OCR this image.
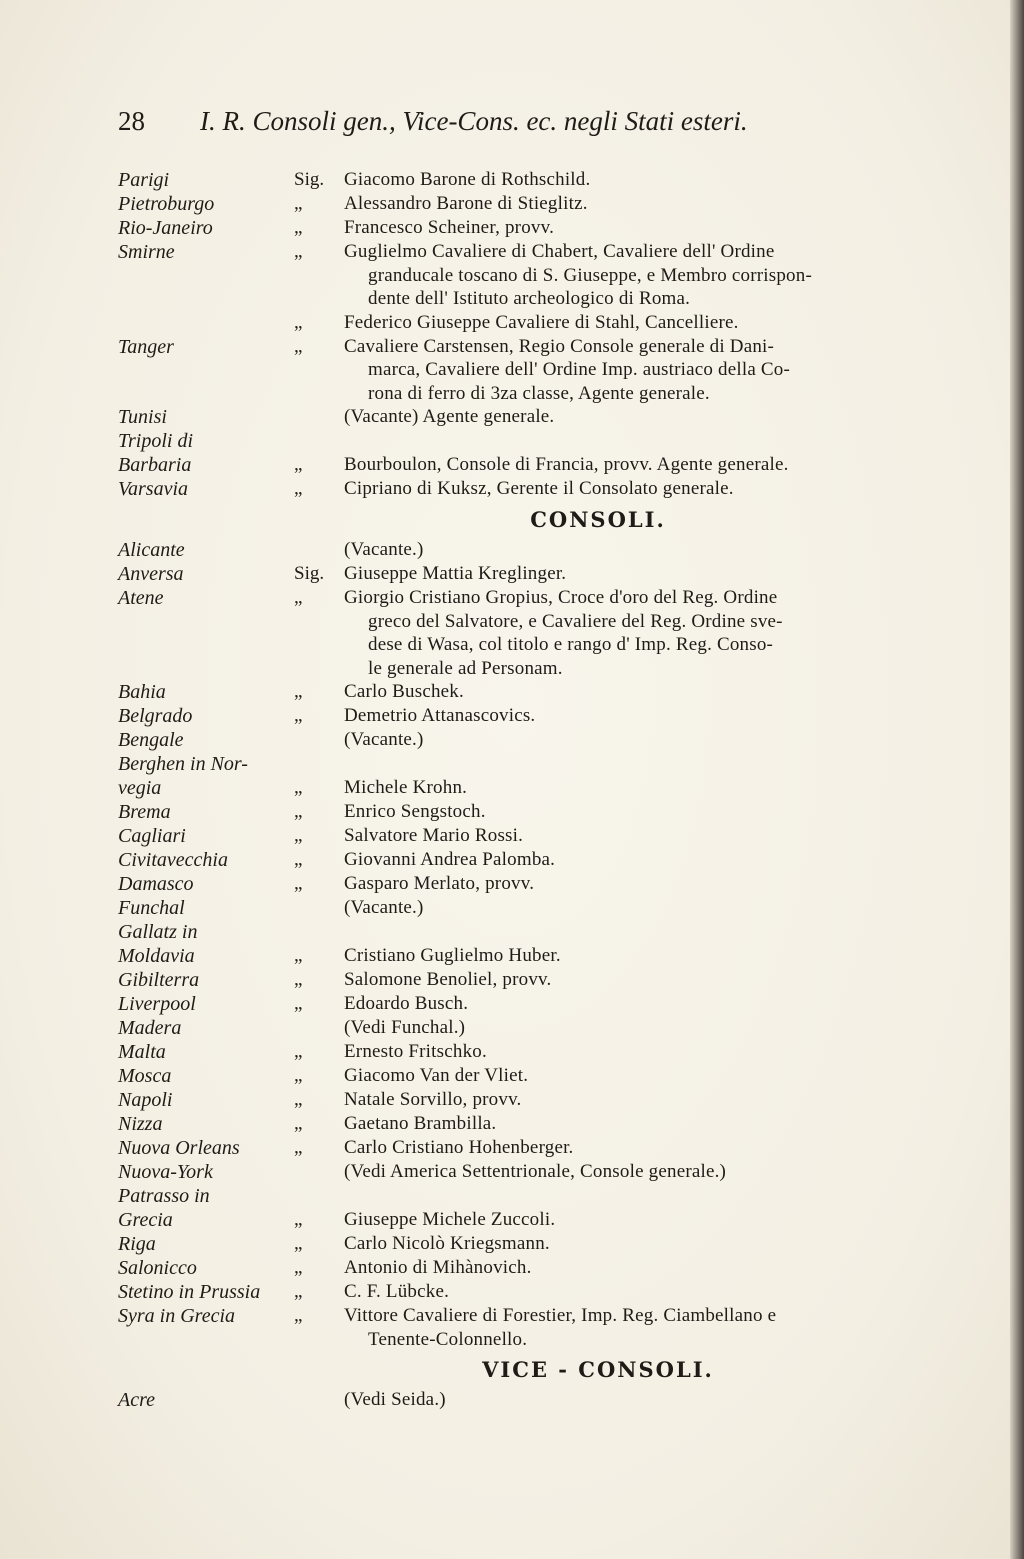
28 I. R. Consoli gen., Vice-Cons. ec. negli Stati esteri.
Parigi	Sig.	Giacomo Barone di Rothschild.
Pietroburgo	„	Alessandro Barone di Stieglitz.
Rio-Janeiro	„	Francesco Scheiner, provv.
Smirne	„	Guglielmo Cavaliere di Chabert, Cavaliere dell' Ordine
granducale toscano di S. Giuseppe, e Membro corrispon-
dente dell' Istituto archeologico di Roma.
„	Federico Giuseppe Cavaliere di Stahl, Cancelliere.
Tanger	„	Cavaliere Carstensen, Regio Console generale di Dani-
marca, Cavaliere dell' Ordine Imp. austriaco della Co-
rona di ferro di 3za classe, Agente generale.
Tunisi	(Vacante) Agente generale.
Tripoli di

Barbaria	„	Bourboulon, Console di Francia, provv. Agente generale.
Varsavia	„	Cipriano di Kuksz, Gerente il Consolato generale.
CONSOLI.
Alicante	(Vacante.)
Anversa	Sig.	Giuseppe Mattia Kreglinger.
Atene	„	Giorgio Cristiano Gropius, Croce d'oro del Reg. Ordine
greco del Salvatore, e Cavaliere del Reg. Ordine sve-
dese di Wasa, col titolo e rango d' Imp. Reg. Conso-
le generale ad Personam.
Bahia	„	Carlo Buschek.
Belgrado	„	Demetrio Attanascovics.
Bengale	(Vacante.)
Berghen in Nor-

vegia	„	Michele Krohn.
Brema	„	Enrico Sengstoch.
Cagliari	„	Salvatore Mario Rossi.
Civitavecchia	„	Giovanni Andrea Palomba.
Damasco	„	Gasparo Merlato, provv.
Funchal	(Vacante.)
Gallatz in

Moldavia	„	Cristiano Guglielmo Huber.
Gibilterra	„	Salomone Benoliel, provv.
Liverpool	„	Edoardo Busch.
Madera	(Vedi Funchal.)
Malta	„	Ernesto Fritschko.
Mosca	„	Giacomo Van der Vliet.
Napoli	„	Natale Sorvillo, provv.
Nizza	„	Gaetano Brambilla.
Nuova Orleans	„	Carlo Cristiano Hohenberger.
Nuova-York	(Vedi America Settentrionale, Console generale.)
Patrasso in

Grecia	„	Giuseppe Michele Zuccoli.
Riga	„	Carlo Nicolò Kriegsmann.
Salonicco	„	Antonio di Mihànovich.
Stetino in Prussia	„	C. F. Lübcke.
Syra in Grecia	„	Vittore Cavaliere di Forestier, Imp. Reg. Ciambellano e
Tenente-Colonnello.
VICE - CONSOLI.
Acre	(Vedi Seida.)
